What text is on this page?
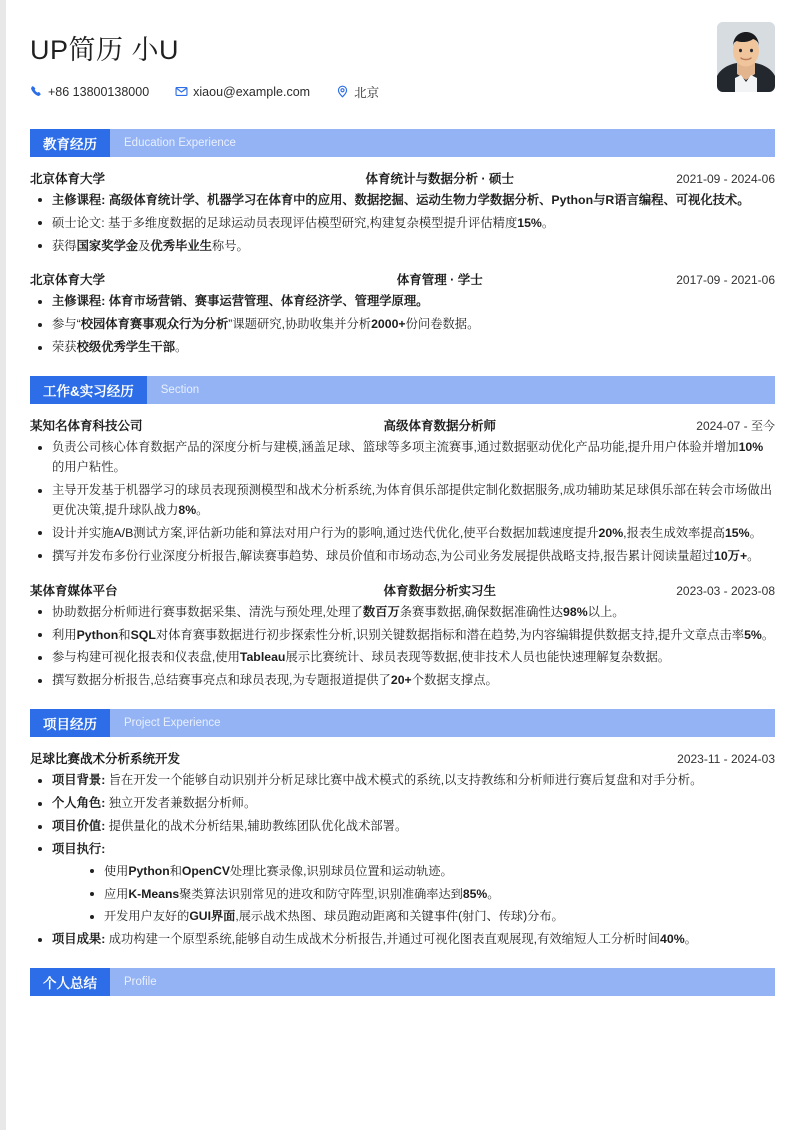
UP简历 小U
+86 13800138000	xiaou@example.com	北京
教育经历	Education Experience
北京体育大学	体育统计与数据分析 · 硕士	2021-09 - 2024-06
主修课程: 高级体育统计学、机器学习在体育中的应用、数据挖掘、运动生物力学数据分析、Python与R语言编程、可视化技术。
硕士论文: 基于多维度数据的足球运动员表现评估模型研究,构建复杂模型提升评估精度15%。
获得国家奖学金及优秀毕业生称号。
北京体育大学	体育管理 · 学士	2017-09 - 2021-06
主修课程: 体育市场营销、赛事运营管理、体育经济学、管理学原理。
参与“校园体育赛事观众行为分析”课题研究,协助收集并分析2000+份问卷数据。
荣获校级优秀学生干部。
工作&实习经历	Section
某知名体育科技公司	高级体育数据分析师	2024-07 - 至今
负责公司核心体育数据产品的深度分析与建模,涵盖足球、篮球等多项主流赛事,通过数据驱动优化产品功能,提升用户体验并增加10%的用户粘性。
主导开发基于机器学习的球员表现预测模型和战术分析系统,为体育俱乐部提供定制化数据服务,成功辅助某足球俱乐部在转会市场做出更优决策,提升球队战力8%。
设计并实施A/B测试方案,评估新功能和算法对用户行为的影响,通过迭代优化,使平台数据加载速度提升20%,报表生成效率提高15%。
撰写并发布多份行业深度分析报告,解读赛事趋势、球员价值和市场动态,为公司业务发展提供战略支持,报告累计阅读量超过10万+。
某体育媒体平台	体育数据分析实习生	2023-03 - 2023-08
协助数据分析师进行赛事数据采集、清洗与预处理,处理了数百万条赛事数据,确保数据准确性达98%以上。
利用Python和SQL对体育赛事数据进行初步探索性分析,识别关键数据指标和潜在趋势,为内容编辑提供数据支持,提升文章点击率5%。
参与构建可视化报表和仪表盘,使用Tableau展示比赛统计、球员表现等数据,使非技术人员也能快速理解复杂数据。
撰写数据分析报告,总结赛事亮点和球员表现,为专题报道提供了20+个数据支撑点。
项目经历	Project Experience
足球比赛战术分析系统开发	2023-11 - 2024-03
项目背景: 旨在开发一个能够自动识别并分析足球比赛中战术模式的系统,以支持教练和分析师进行赛后复盘和对手分析。
个人角色: 独立开发者兼数据分析师。
项目价值: 提供量化的战术分析结果,辅助教练团队优化战术部署。
项目执行:
使用Python和OpenCV处理比赛录像,识别球员位置和运动轨迹。
应用K-Means聚类算法识别常见的进攻和防守阵型,识别准确率达到85%。
开发用户友好的GUI界面,展示战术热图、球员跑动距离和关键事件(射门、传球)分布。
项目成果: 成功构建一个原型系统,能够自动生成战术分析报告,并通过可视化图表直观展现,有效缩短人工分析时间40%。
个人总结	Profile
